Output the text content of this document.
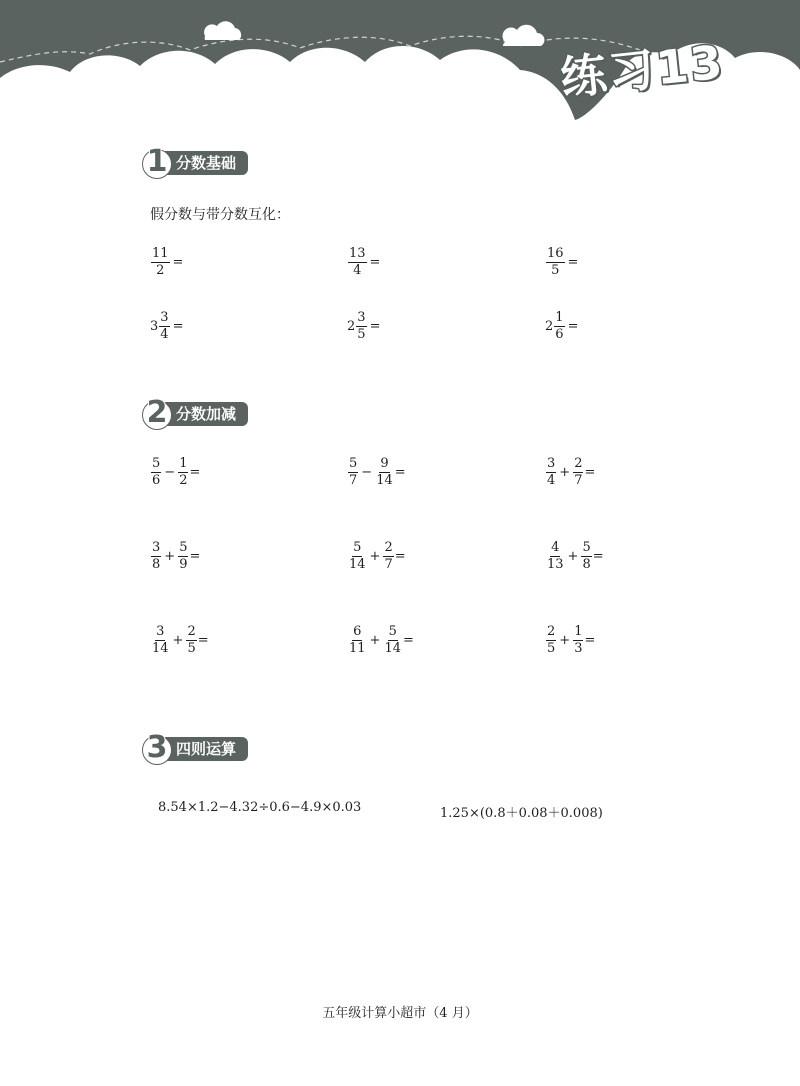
练习13
1 分数基础
假分数与带分数互化：
$\frac{11}{2}$ =	$\frac{13}{4}$ =	$\frac{16}{5}$ =
$3 \frac{3}{4}$ =	$2 \frac{3}{5}$ =	$2 \frac{1}{6}$ =
2 分数加减
$\frac{5}{6} - \frac{1}{2}$ =	$\frac{5}{7} - \frac{9}{14}$ =	$\frac{3}{4} + \frac{2}{7}$ =
$\frac{3}{8} + \frac{5}{9}$ =	$\frac{5}{14} + \frac{2}{7}$ =	$\frac{4}{13} + \frac{5}{8}$ =
$\frac{3}{14} + \frac{2}{5}$ =	$\frac{6}{11} + \frac{5}{14}$ =	$\frac{2}{5} + \frac{1}{3}$ =
3 四则运算
8.54×1.2−4.32÷0.6−4.9×0.03	1.25×(0.8＋0.08＋0.008)
五年级计算小超市（4 月）
